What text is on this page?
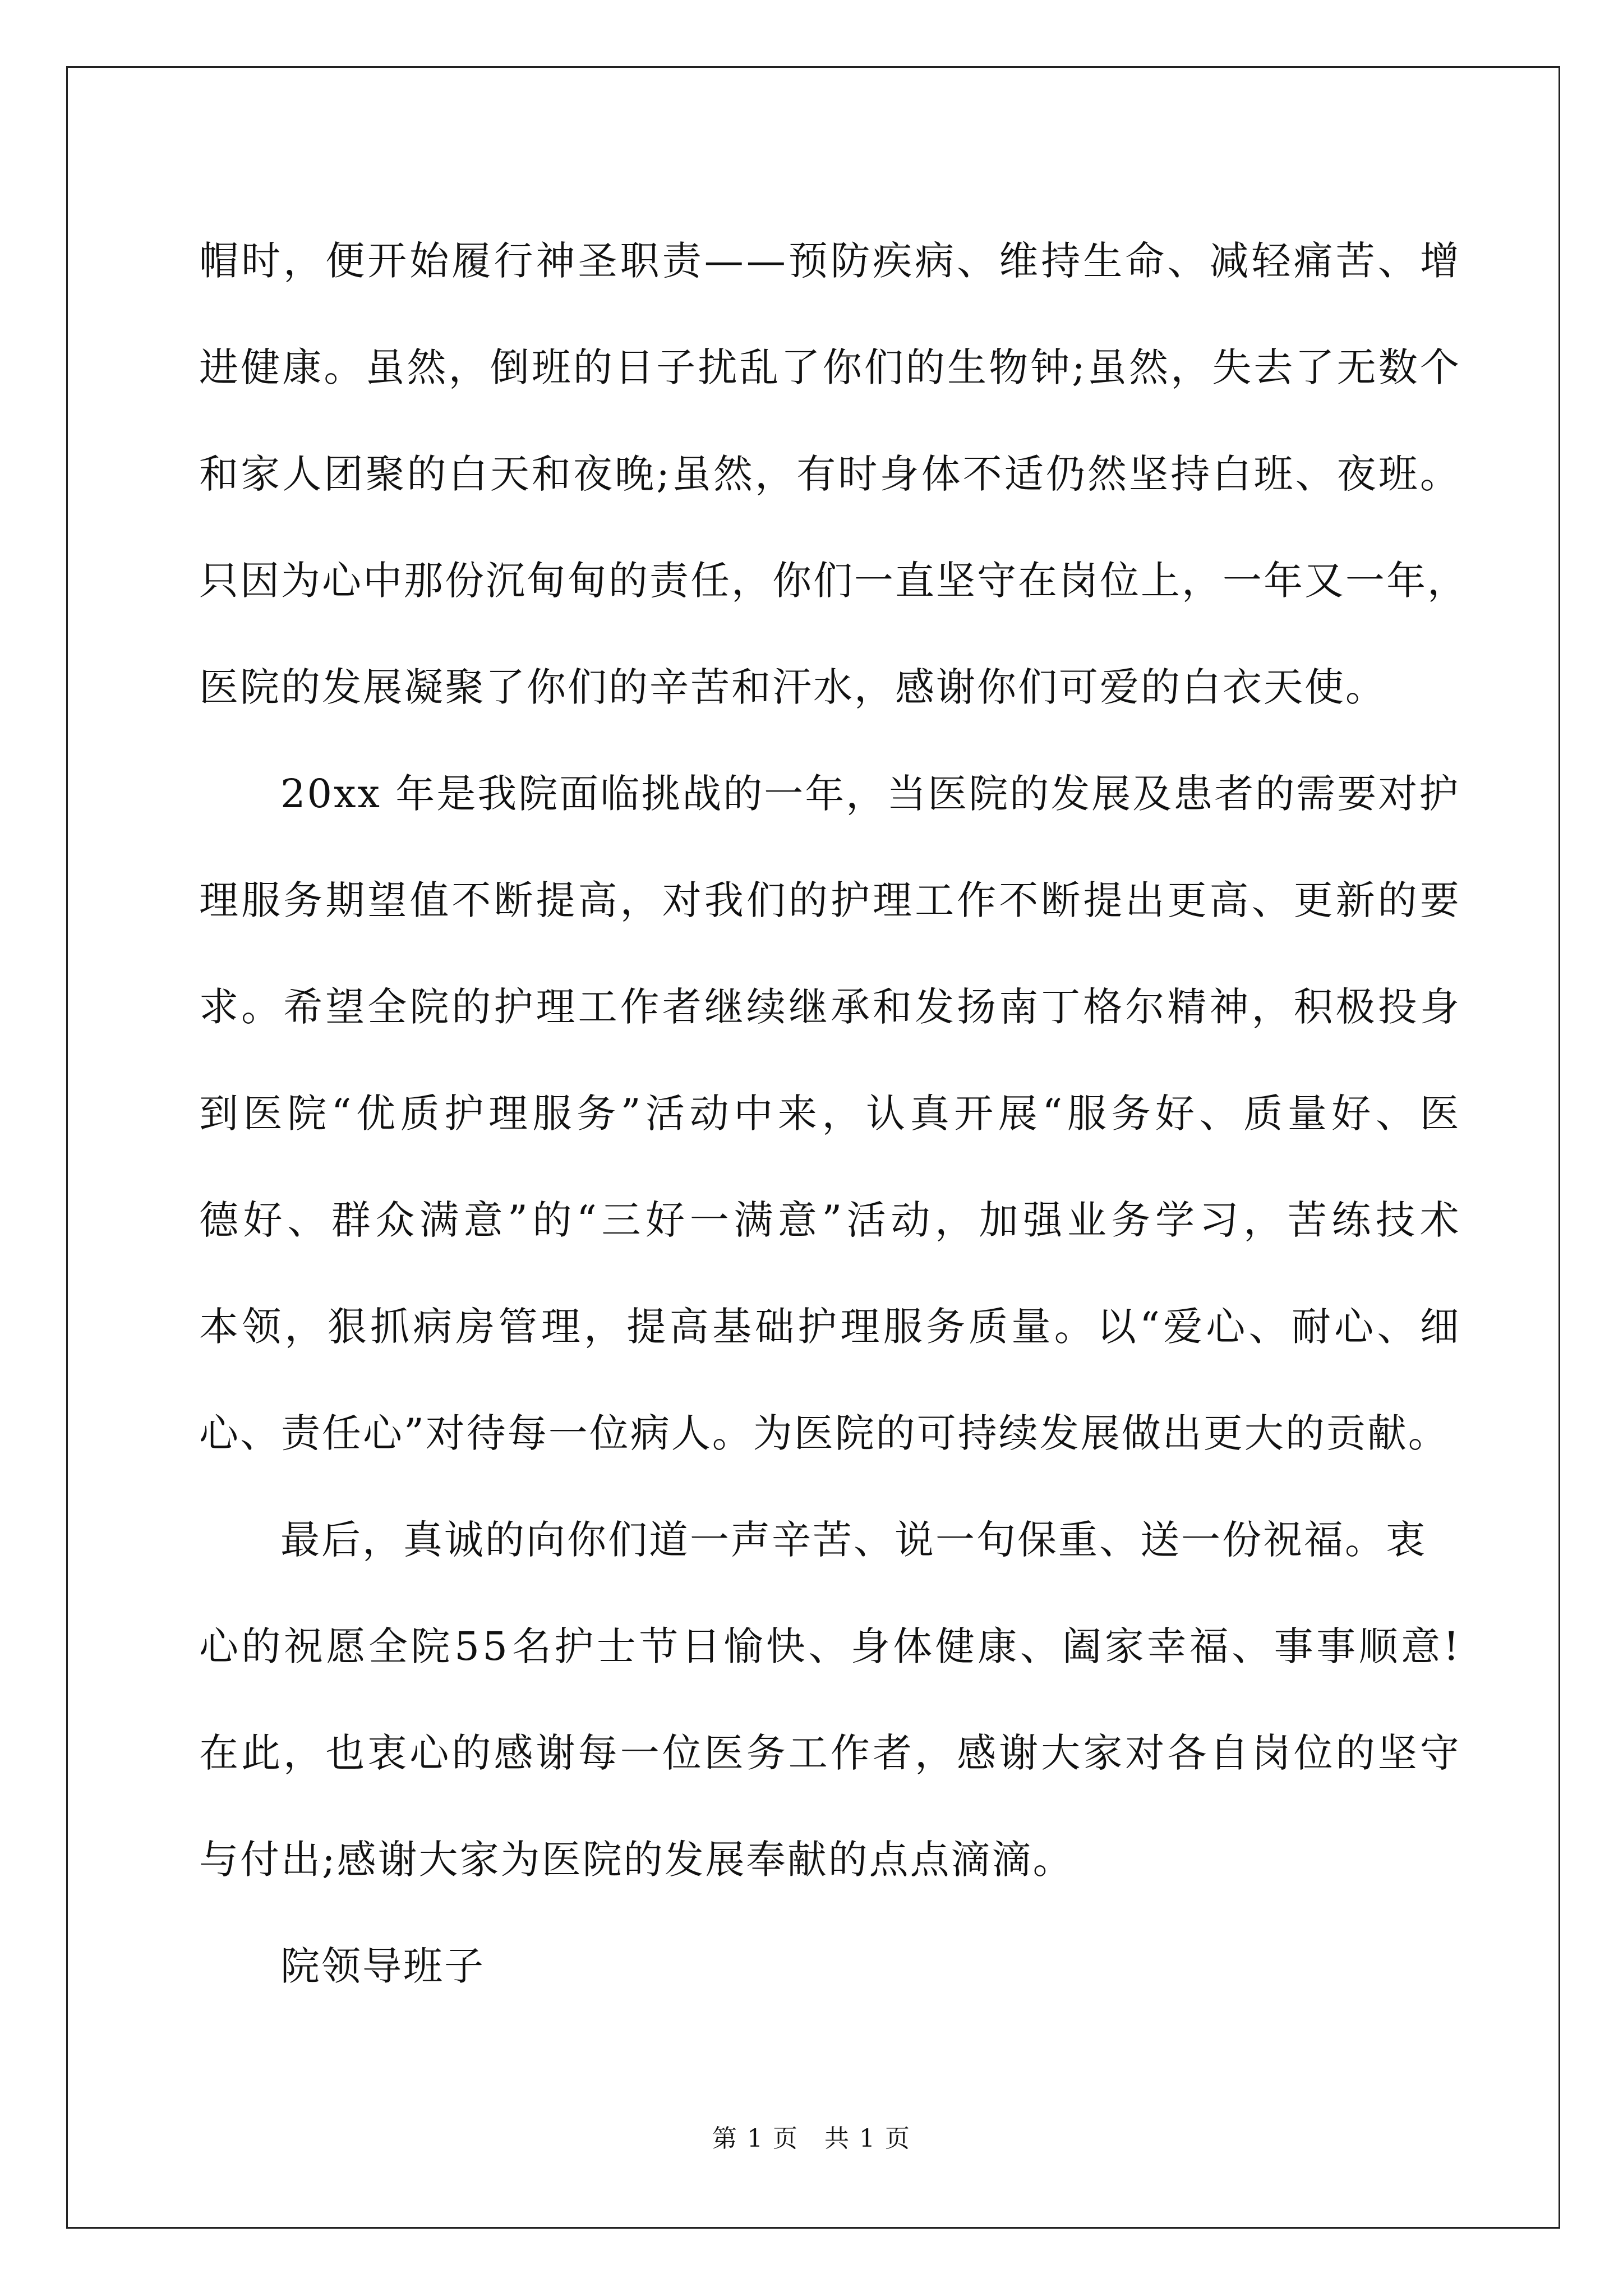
帽 时 ， 便 开 始 履 行 神 圣 职 责 — — 预 防 疾 病 、 维 持 生 命 、 减 轻 痛 苦 、 增
进 健 康 。 虽 然 ， 倒 班 的 日 子 扰 乱 了 你 们 的 生 物 钟 ; 虽 然 ， 失 去 了 无 数 个
和 家 人 团 聚 的 白 天 和 夜 晚 ; 虽 然 ， 有 时 身 体 不 适 仍 然 坚 持 白 班 、 夜 班 。
只 因 为 心 中 那 份 沉 甸 甸 的 责 任 ， 你 们 一 直 坚 守 在 岗 位 上 ， 一 年 又 一 年 ，
医院的发展凝聚了你们的辛苦和汗水，感谢你们可爱的白衣天使。
20xx 年是我院面临挑战的一年，当医院的发展及患者的需要对护
理 服 务 期 望 值 不 断 提 高 ， 对 我 们 的 护 理 工 作 不 断 提 出 更 高 、 更 新 的 要
求 。 希 望 全 院 的 护 理 工 作 者 继 续 继 承 和 发 扬 南 丁 格 尔 精 神 ， 积 极 投 身
到 医 院 “ 优 质 护 理 服 务 ” 活 动 中 来 ， 认 真 开 展 “ 服 务 好 、 质 量 好 、 医
德 好 、 群 众 满 意 ” 的 “ 三 好 一 满 意 ” 活 动 ， 加 强 业 务 学 习 ， 苦 练 技 术
本 领 ， 狠 抓 病 房 管 理 ， 提 高 基 础 护 理 服 务 质 量 。 以 “ 爱 心 、 耐 心 、 细
心、责任心”对待每一位病人。为医院的可持续发展做出更大的贡献。
最后，真诚的向你们道一声辛苦、说一句保重、送一份祝福。衷
心 的 祝 愿 全 院 5 5 名 护 士 节 日 愉 快 、 身 体 健 康 、 阖 家 幸 福 、 事 事 顺 意 !
在 此 ， 也 衷 心 的 感 谢 每 一 位 医 务 工 作 者 ， 感 谢 大 家 对 各 自 岗 位 的 坚 守
与付出;感谢大家为医院的发展奉献的点点滴滴。
院领导班子
第 1 页　共 1 页
